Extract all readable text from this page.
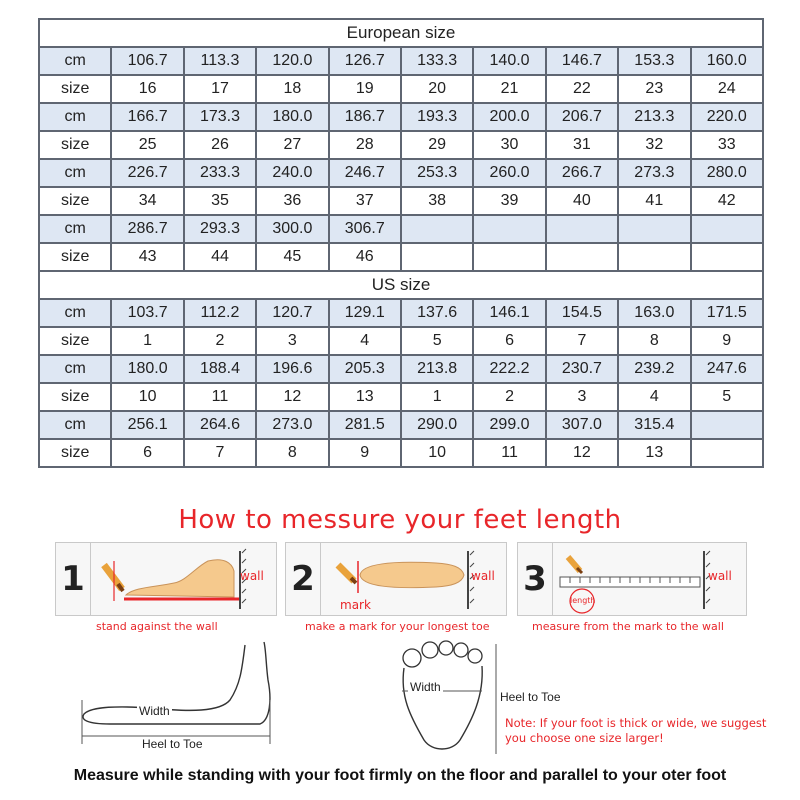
European size									
cm	106.7	113.3	120.0	126.7	133.3	140.0	146.7	153.3	160.0
size	16	17	18	19	20	21	22	23	24
cm	166.7	173.3	180.0	186.7	193.3	200.0	206.7	213.3	220.0
size	25	26	27	28	29	30	31	32	33
cm	226.7	233.3	240.0	246.7	253.3	260.0	266.7	273.3	280.0
size	34	35	36	37	38	39	40	41	42
cm	286.7	293.3	300.0	306.7					
size	43	44	45	46					
US size									
cm	103.7	112.2	120.7	129.1	137.6	146.1	154.5	163.0	171.5
size	1	2	3	4	5	6	7	8	9
cm	180.0	188.4	196.6	205.3	213.8	222.2	230.7	239.2	247.6
size	10	11	12	13	1	2	3	4	5
cm	256.1	264.6	273.0	281.5	290.0	299.0	307.0	315.4	
size	6	7	8	9	10	11	12	13	
How to messure your feet length
1	wall 2	wall
mark
3	wall
length
stand against the wall	make a mark for your longest toe	measure from the mark to the wall
Width
Heel to Toe
Width
Heel to Toe
Note: If your foot is thick or wide, we suggest you choose one size larger!
Measure while standing with your foot firmly on the floor and parallel to your oter foot
